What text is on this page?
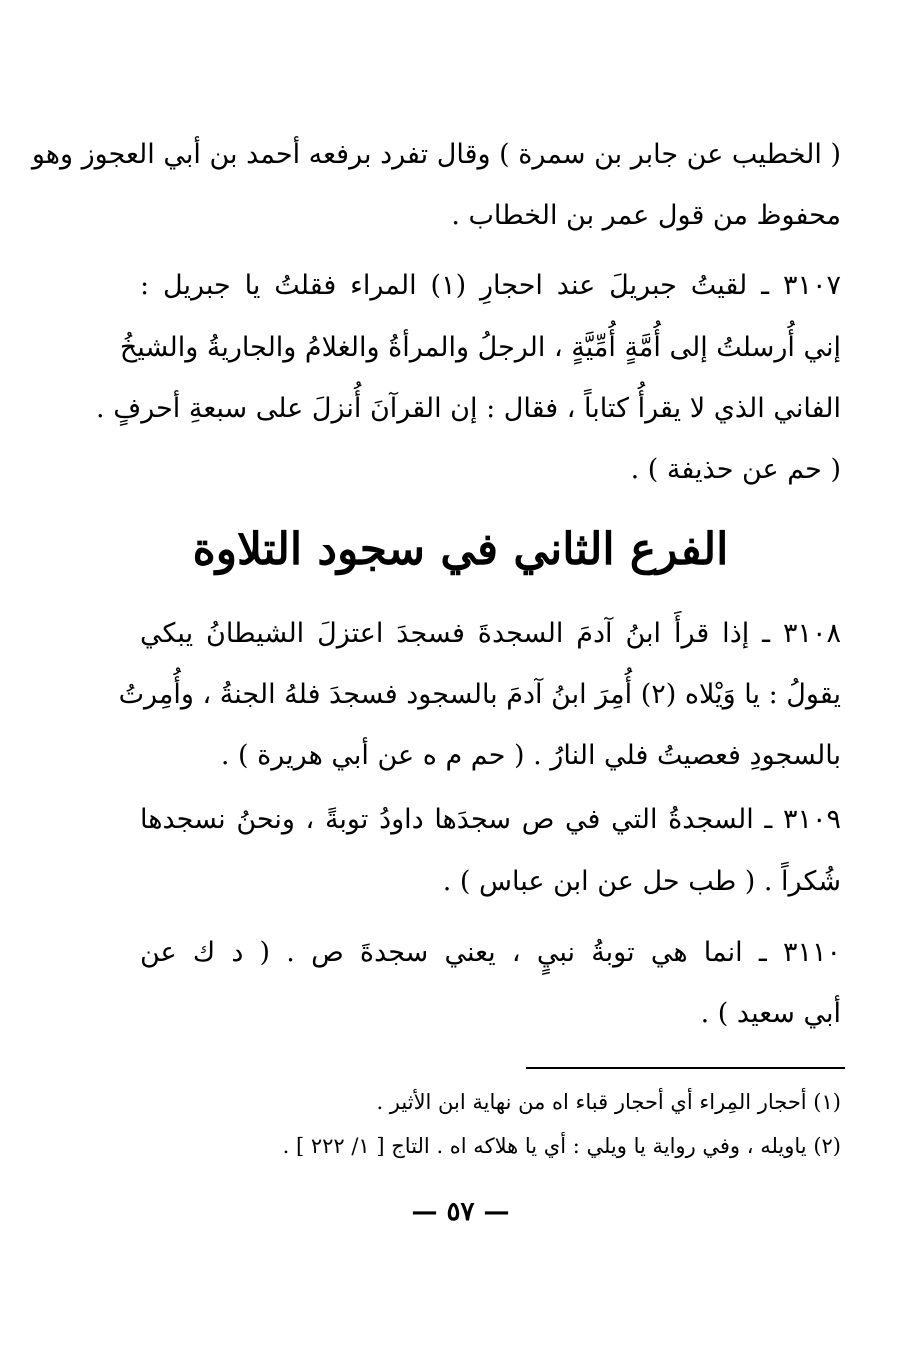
( الخطيب عن جابر بن سمرة ) وقال تفرد برفعه أحمد بن أبي العجوز وهو
محفوظ من قول عمر بن الخطاب .
٣١٠٧ ـ لقيتُ جبريلَ عند احجارِ (١) المراء فقلتُ يا جبريل :
إني أُرسلتُ إلى أُمَّةٍ أُمِّيَّةٍ ، الرجلُ والمرأةُ والغلامُ والجاريةُ والشيخُ
الفاني الذي لا يقرأُ كتاباً ، فقال : إن القرآنَ أُنزلَ على سبعةِ أحرفٍ .
( حم عن حذيفة ) .
الفرع الثاني في سجود التلاوة
٣١٠٨ ـ إذا قرأَ ابنُ آدمَ السجدةَ فسجدَ اعتزلَ الشيطانُ يبكي
يقولُ : يا وَيْلاه (٢) أُمِرَ ابنُ آدمَ بالسجود فسجدَ فلهُ الجنةُ ، وأُمِرتُ
بالسجودِ فعصيتُ فلي النارُ . ( حم م ه عن أبي هريرة ) .
٣١٠٩ ـ السجدةُ التي في ص سجدَها داودُ توبةً ، ونحنُ نسجدها
شُكراً . ( طب حل عن ابن عباس ) .
٣١١٠ ـ انما هي توبةُ نبيٍ ، يعني سجدةَ ص . ( د ك عن
أبي سعيد ) .
(١) أحجار المِراء أي أحجار قباء اه من نهاية ابن الأثير .
(٢) ياويله ، وفي رواية يا ويلي : أي يا هلاكه اه . التاج [ ١/ ٢٢٢ ] .
— ٥٧ —
